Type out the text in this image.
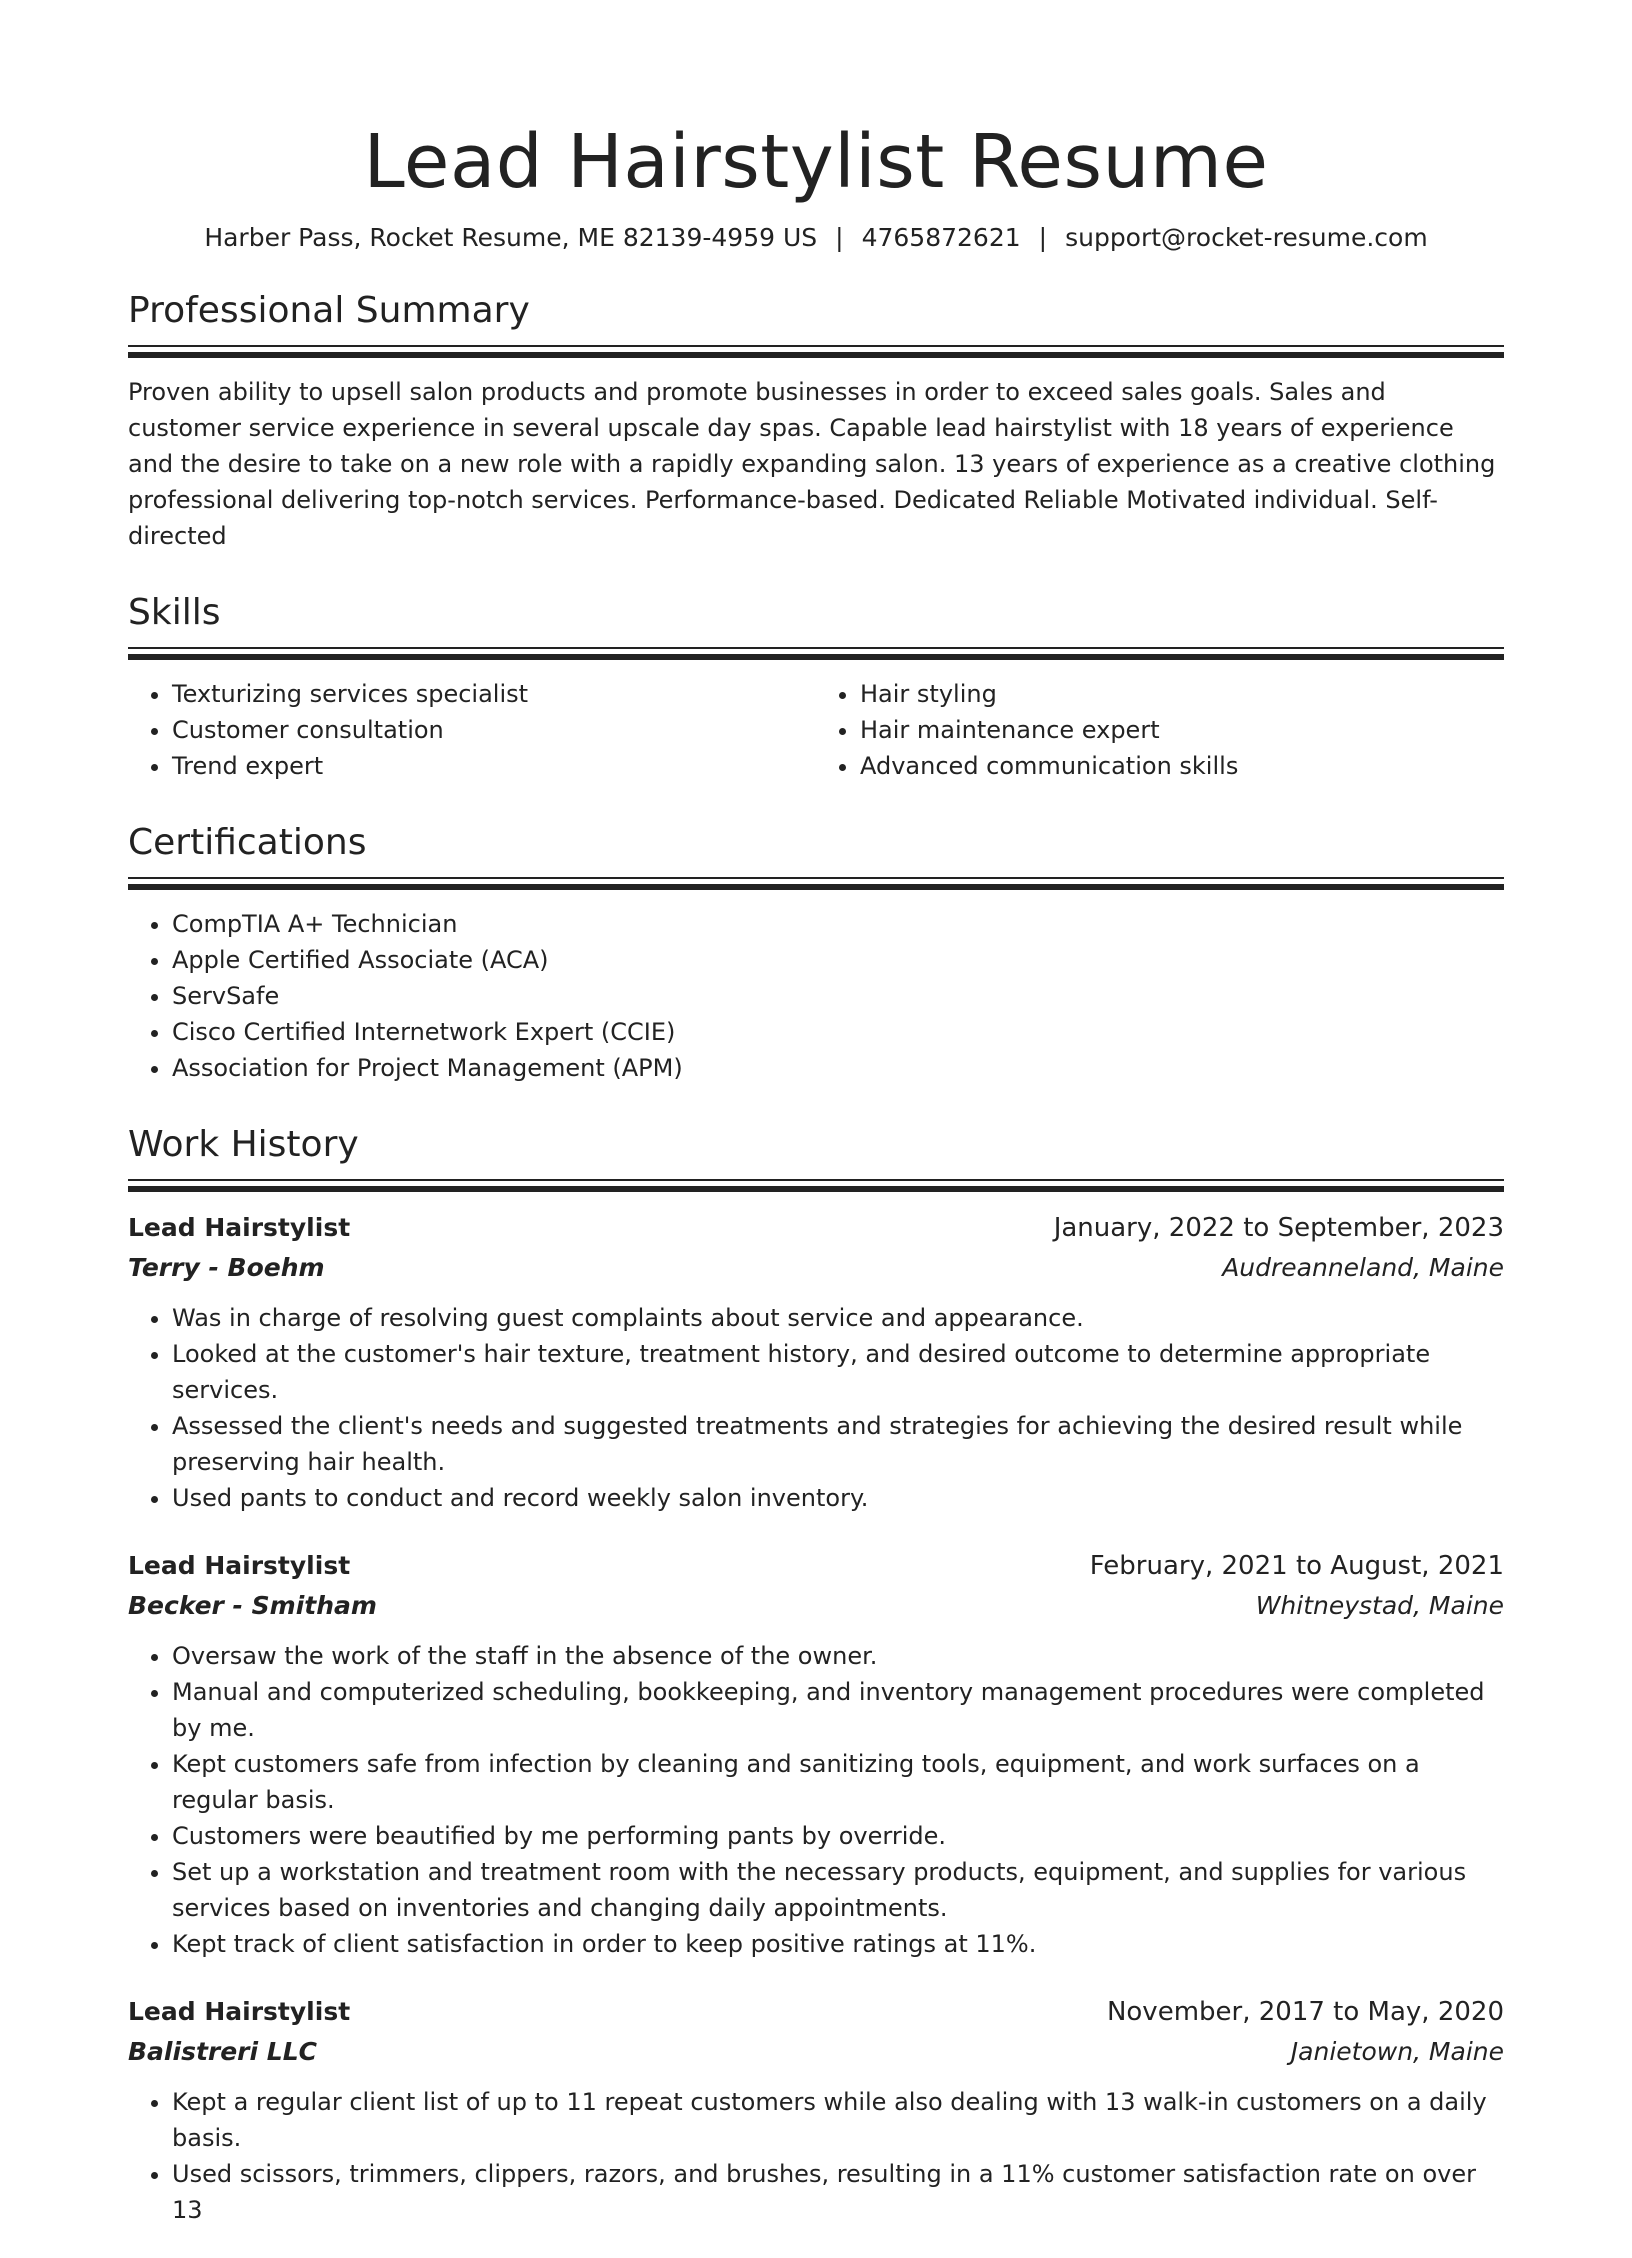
Lead Hairstylist Resume
Harber Pass, Rocket Resume, ME 82139-4959 US | 4765872621 | support@rocket-resume.com
Professional Summary

Proven ability to upsell salon products and promote businesses in order to exceed sales goals. Sales and customer service experience in several upscale day spas. Capable lead hairstylist with 18 years of experience and the desire to take on a new role with a rapidly expanding salon. 13 years of experience as a creative clothing professional delivering top-notch services. Performance-based. Dedicated Reliable Motivated individual. Self-directed

Skills
• Texturizing services specialist
• Customer consultation
• Trend expert
• Hair styling
• Hair maintenance expert
• Advanced communication skills
Certifications
• CompTIA A+ Technician
• Apple Certified Associate (ACA)
• ServSafe
• Cisco Certified Internetwork Expert (CCIE)
• Association for Project Management (APM)
Work History
Lead Hairstylist	January, 2022 to September, 2023
Terry - Boehm	Audreanneland, Maine
• Was in charge of resolving guest complaints about service and appearance.
• Looked at the customer's hair texture, treatment history, and desired outcome to determine appropriate services.
• Assessed the client's needs and suggested treatments and strategies for achieving the desired result while preserving hair health.
• Used pants to conduct and record weekly salon inventory.
Lead Hairstylist	February, 2021 to August, 2021
Becker - Smitham	Whitneystad, Maine
• Oversaw the work of the staff in the absence of the owner.
• Manual and computerized scheduling, bookkeeping, and inventory management procedures were completed by me.
• Kept customers safe from infection by cleaning and sanitizing tools, equipment, and work surfaces on a regular basis.
• Customers were beautified by me performing pants by override.
• Set up a workstation and treatment room with the necessary products, equipment, and supplies for various services based on inventories and changing daily appointments.
• Kept track of client satisfaction in order to keep positive ratings at 11%.
Lead Hairstylist	November, 2017 to May, 2020
Balistreri LLC	Janietown, Maine
• Kept a regular client list of up to 11 repeat customers while also dealing with 13 walk-in customers on a daily basis.
• Used scissors, trimmers, clippers, razors, and brushes, resulting in a 11% customer satisfaction rate on over 13
